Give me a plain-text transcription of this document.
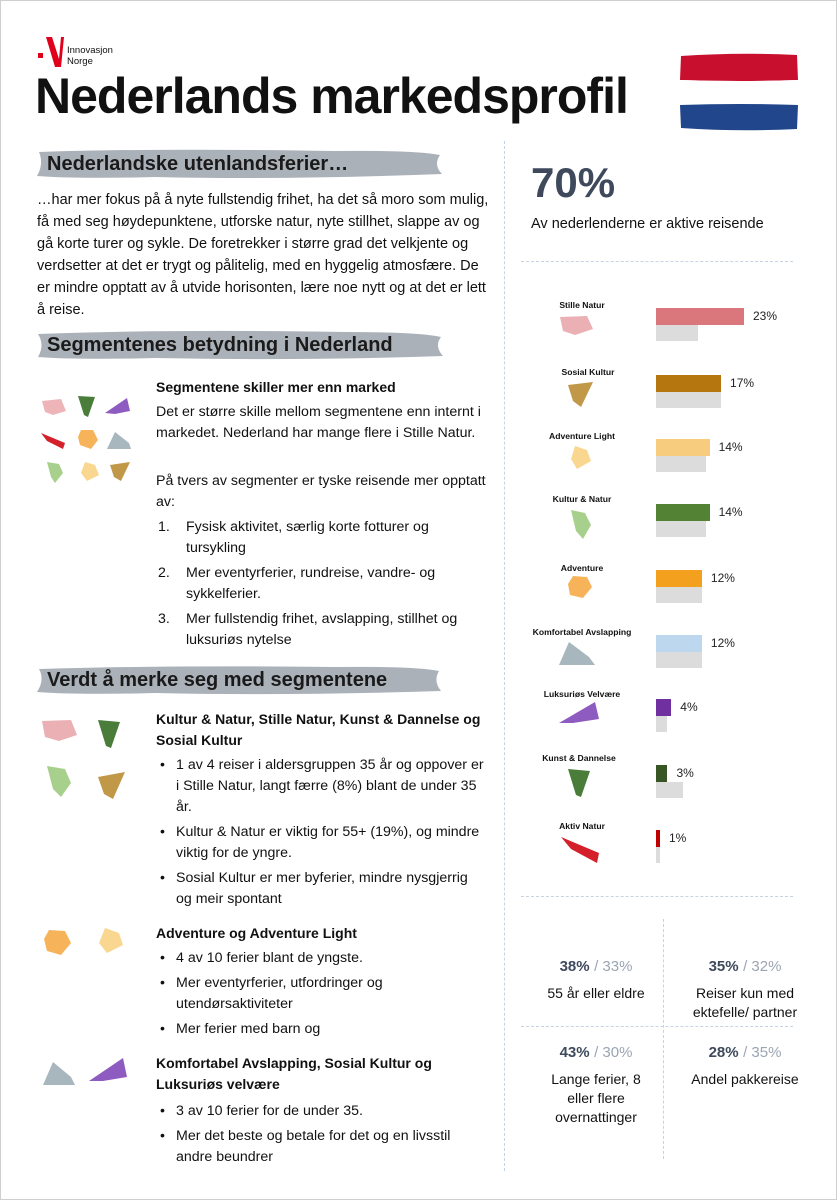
Innovasjon
Norge
Nederlands markedsprofil
Nederlandske utenlandsferier…
…har mer fokus på å nyte fullstendig frihet, ha det så moro som mulig, få med seg høydepunktene, utforske natur, nyte stillhet, slappe av og gå korte turer og sykle. De foretrekker i større grad det velkjente og verdsetter at det er trygt og pålitelig, med en hyggelig atmosfære. De er mindre opptatt av å utvide horisonten, lære noe nytt og at det er lett å reise.
Segmentenes betydning i Nederland
Segmentene skiller mer enn marked
Det er større skille mellom segmentene enn internt i markedet. Nederland har mange flere i Stille Natur.
På tvers av segmenter er tyske reisende mer opptatt av:
1. Fysisk aktivitet, særlig korte fotturer og tursykling
2. Mer eventyrferier, rundreise, vandre- og sykkelferier.
3. Mer fullstendig frihet, avslapping, stillhet og luksuriøs nytelse
Verdt å merke seg med segmentene
Kultur & Natur, Stille Natur, Kunst & Dannelse og Sosial Kultur
• 1 av 4 reiser i aldersgruppen 35 år og oppover er i Stille Natur, langt færre (8%) blant de under 35 år.
• Kultur & Natur er viktig for 55+ (19%), og mindre viktig for de yngre.
• Sosial Kultur er mer byferier, mindre nysgjerrig og meir spontant
Adventure og Adventure Light
• 4 av 10 ferier blant de yngste.
• Mer eventyrferier, utfordringer og utendørsaktiviteter
• Mer ferier med barn og
Komfortabel Avslapping, Sosial Kultur og Luksuriøs velvære
• 3 av 10 ferier for de under 35.
• Mer det beste og betale for det og en livsstil andre beundrer
70%
Av nederlenderne er aktive reisende
Stille Natur
Sosial Kultur
Adventure Light
Kultur & Natur
Adventure
Komfortabel Avslapping
Luksuriøs Velvære
Kunst & Dannelse
Aktiv Natur
23%
17%
14%
14%
12%
12%
4%
3%
1%
38% / 33%
55 år eller eldre
35% / 32%
Reiser kun med ektefelle/ partner
43% / 30%
Lange ferier, 8 eller flere overnattinger
28% / 35%
Andel pakkereise
